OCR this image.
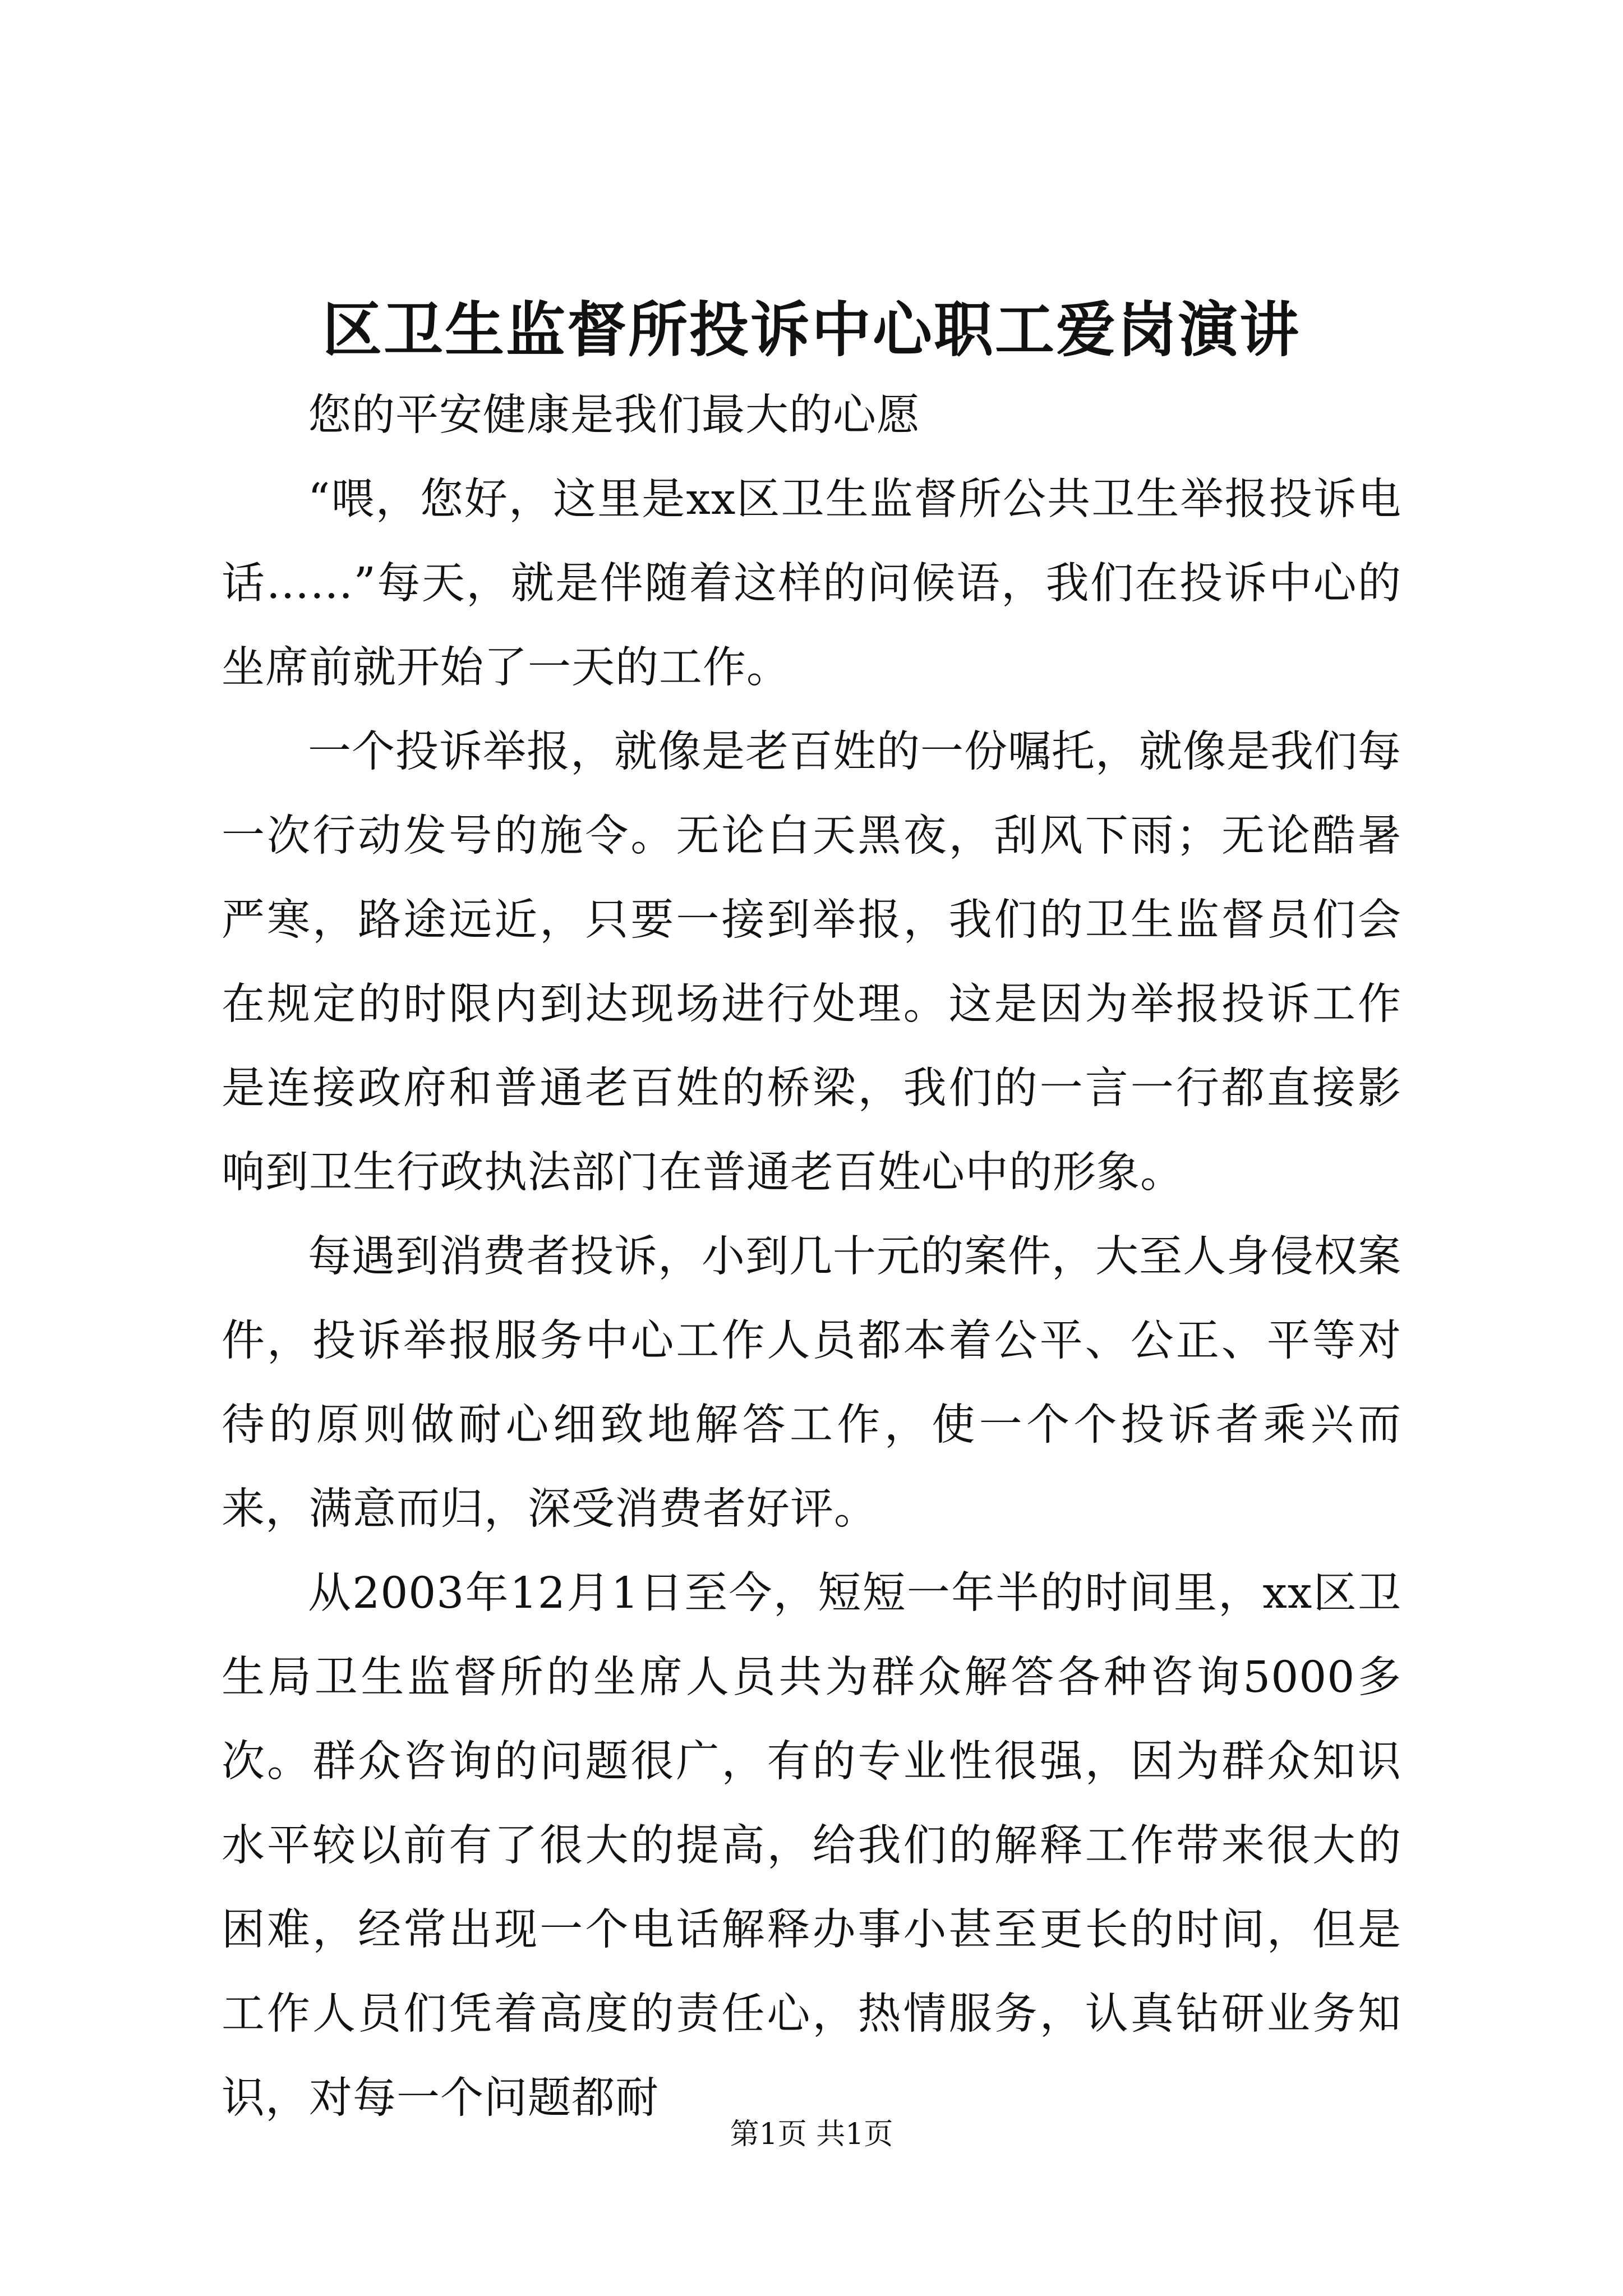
区卫生监督所投诉中心职工爱岗演讲

您的平安健康是我们最大的心愿

“喂，您好，这里是xx区卫生监督所公共卫生举报投诉电话……”每天，就是伴随着这样的问候语，我们在投诉中心的坐席前就开始了一天的工作。

一个投诉举报，就像是老百姓的一份嘱托，就像是我们每一次行动发号的施令。无论白天黑夜，刮风下雨；无论酷暑严寒，路途远近，只要一接到举报，我们的卫生监督员们会在规定的时限内到达现场进行处理。这是因为举报投诉工作是连接政府和普通老百姓的桥梁，我们的一言一行都直接影响到卫生行政执法部门在普通老百姓心中的形象。

每遇到消费者投诉，小到几十元的案件，大至人身侵权案件，投诉举报服务中心工作人员都本着公平、公正、平等对待的原则做耐心细致地解答工作，使一个个投诉者乘兴而来，满意而归，深受消费者好评。

从2003年12月1日至今，短短一年半的时间里，xx区卫生局卫生监督所的坐席人员共为群众解答各种咨询5000多次。群众咨询的问题很广，有的专业性很强，因为群众知识水平较以前有了很大的提高，给我们的解释工作带来很大的困难，经常出现一个电话解释办事小甚至更长的时间，但是工作人员们凭着高度的责任心，热情服务，认真钻研业务知识，对每一个问题都耐

第1页 共1页
